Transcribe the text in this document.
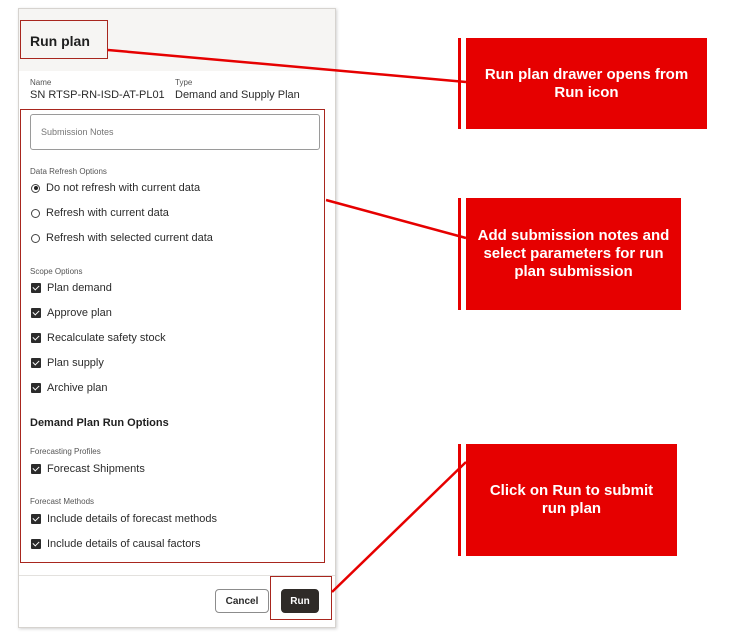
Run plan
Name
SN RTSP-RN-ISD-AT-PL01
Type
Demand and Supply Plan
Submission Notes
Data Refresh Options
Do not refresh with current data
Refresh with current data
Refresh with selected current data
Scope Options
Plan demand
Approve plan
Recalculate safety stock
Plan supply
Archive plan
Demand Plan Run Options
Forecasting Profiles
Forecast Shipments
Forecast Methods
Include details of forecast methods
Include details of causal factors
Cancel	Run
Run plan drawer opens from Run icon
Add submission notes and select parameters for run plan submission
Click on Run to submit run plan
